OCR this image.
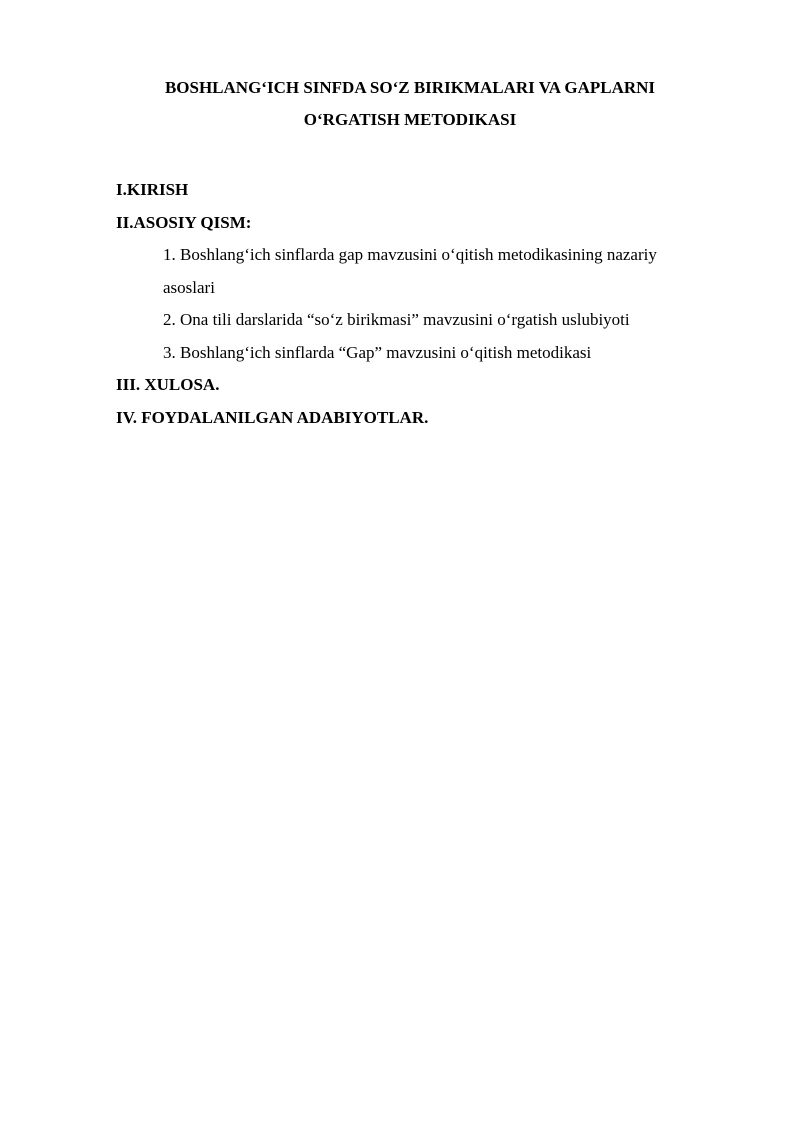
BOSHLANG‘ICH SINFDA SO‘Z BIRIKMALARI VA GAPLARNI
O‘RGATISH METODIKASI
I.KIRISH
II.ASOSIY QISM:
1. Boshlang‘ich sinflarda gap mavzusini o‘qitish metodikasining nazariy
asoslari
2. Ona tili darslarida “so‘z birikmasi” mavzusini o‘rgatish uslubiyoti
3. Boshlang‘ich sinflarda “Gap” mavzusini o‘qitish metodikasi
III. XULOSA.
IV. FOYDALANILGAN ADABIYOTLAR.
